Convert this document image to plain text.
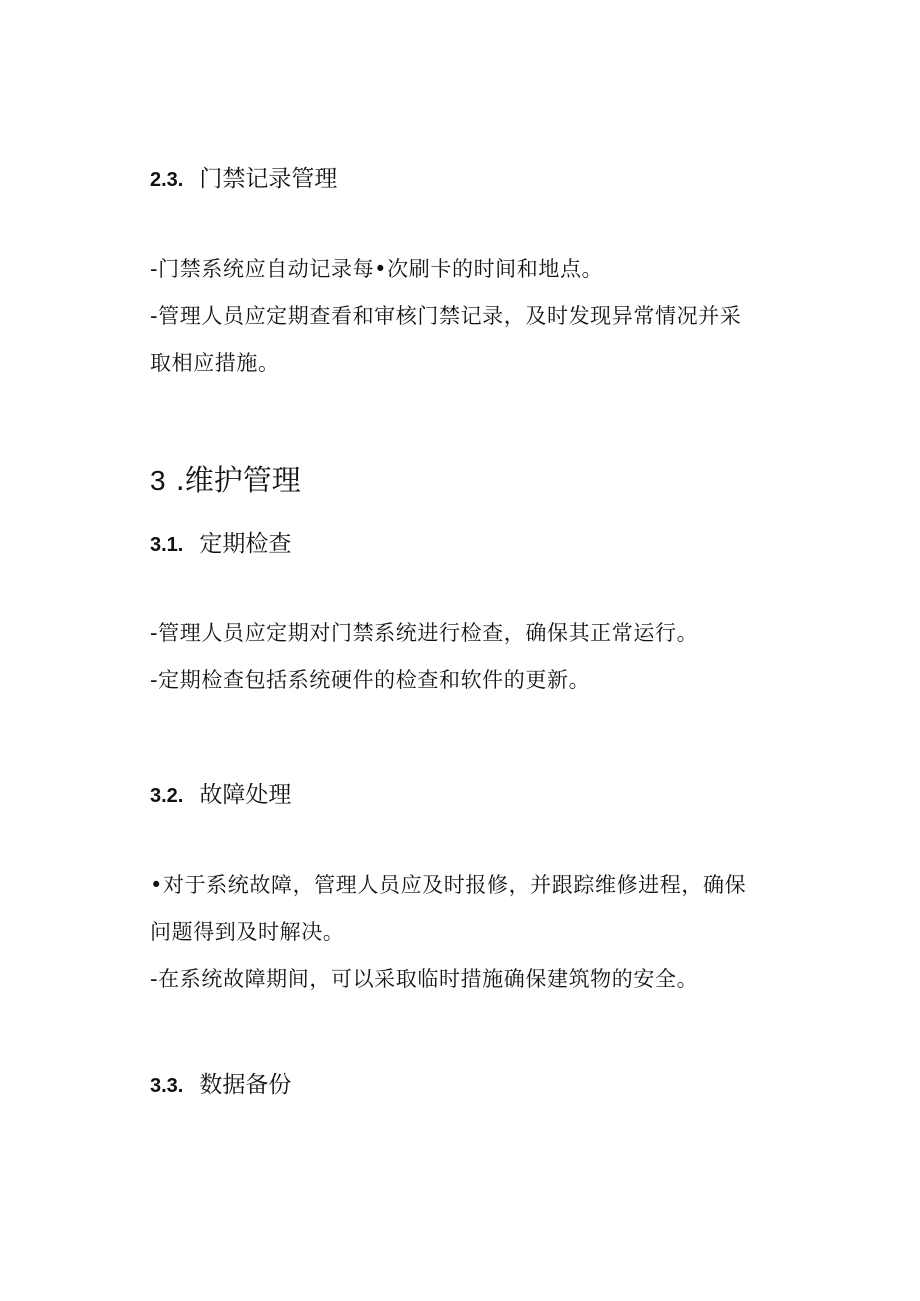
2.3. 门禁记录管理

-门禁系统应自动记录每•次刷卡的时间和地点。

-管理人员应定期查看和审核门禁记录，及时发现异常情况并采

取相应措施。

3 .维护管理
3.1. 定期检查

-管理人员应定期对门禁系统进行检查，确保其正常运行。

-定期检查包括系统硬件的检查和软件的更新。

3.2. 故障处理

•对于系统故障，管理人员应及时报修，并跟踪维修进程，确保

问题得到及时解决。

-在系统故障期间，可以采取临时措施确保建筑物的安全。

3.3. 数据备份
